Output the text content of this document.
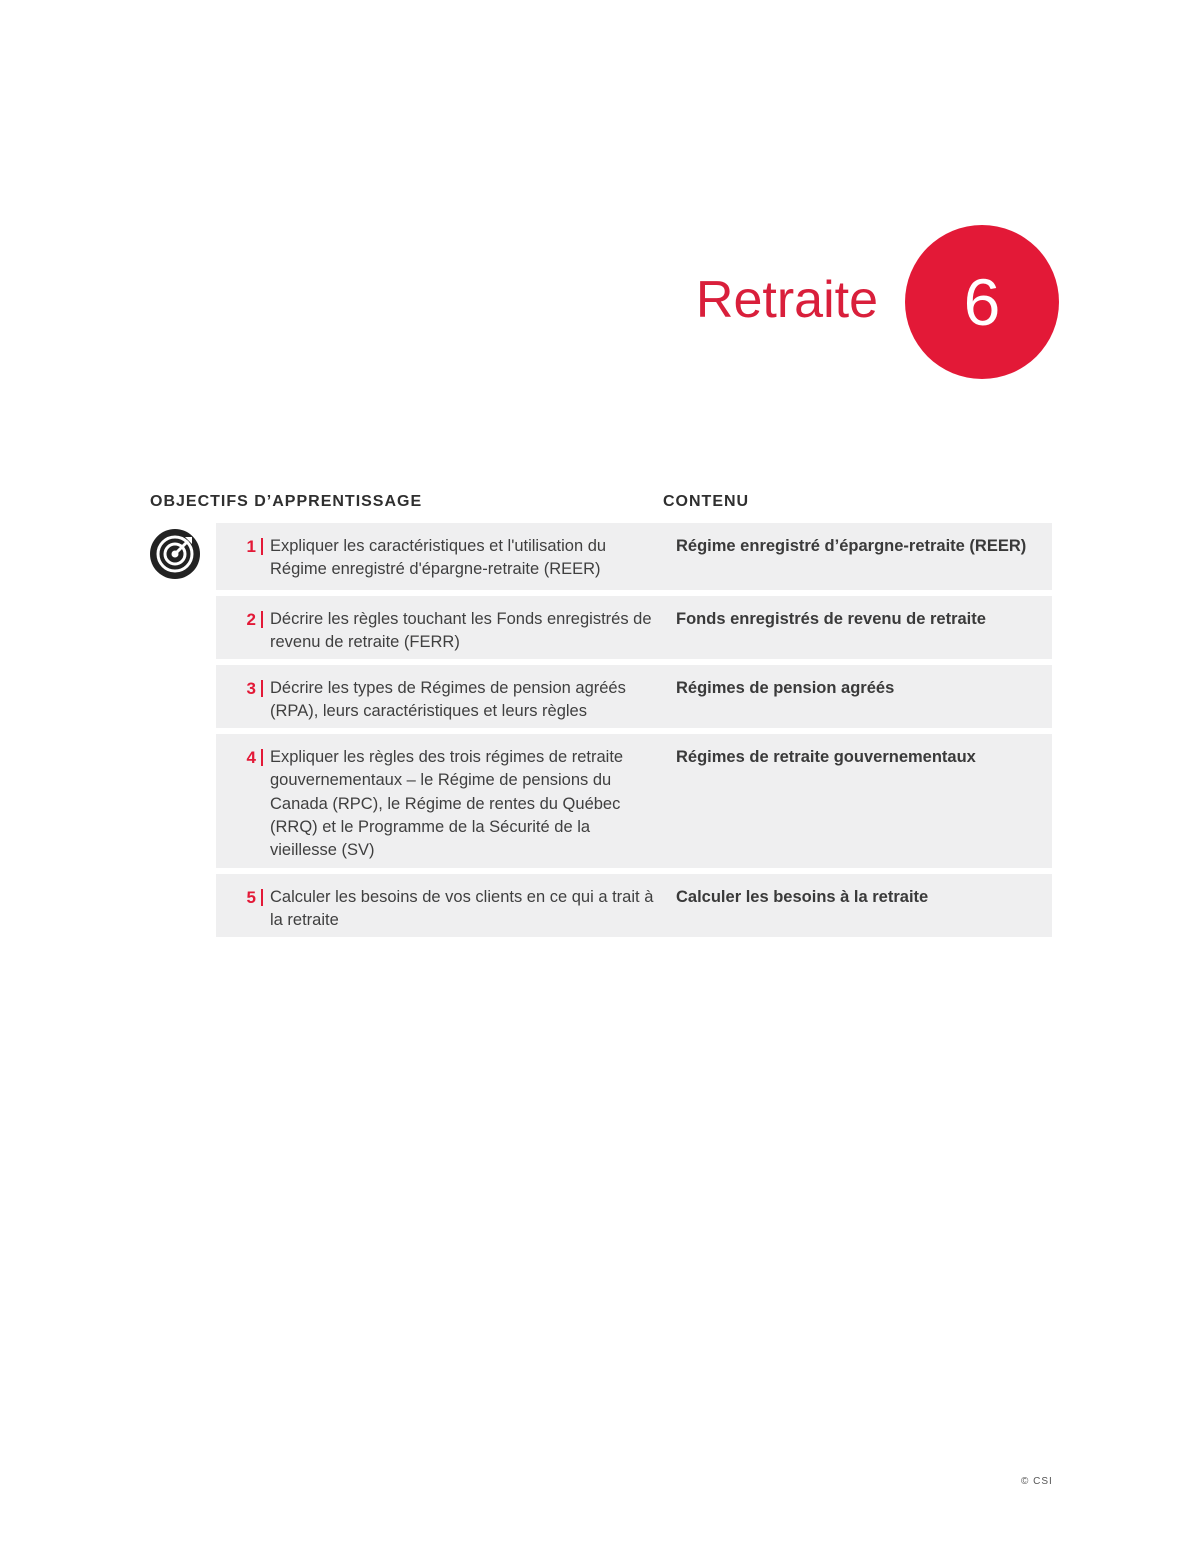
Retraite 6
OBJECTIFS D’APPRENTISSAGE	CONTENU
1 Expliquer les caractéristiques et l'utilisation du Régime enregistré d'épargne-retraite (REER)
Régime enregistré d’épargne-retraite (REER)
2 Décrire les règles touchant les Fonds enregistrés de revenu de retraite (FERR)
Fonds enregistrés de revenu de retraite
3 Décrire les types de Régimes de pension agréés (RPA), leurs caractéristiques et leurs règles
Régimes de pension agréés
4 Expliquer les règles des trois régimes de retraite gouvernementaux – le Régime de pensions du Canada (RPC), le Régime de rentes du Québec (RRQ) et le Programme de la Sécurité de la vieillesse (SV)
Régimes de retraite gouvernementaux
5 Calculer les besoins de vos clients en ce qui a trait à la retraite
Calculer les besoins à la retraite
© CSI
